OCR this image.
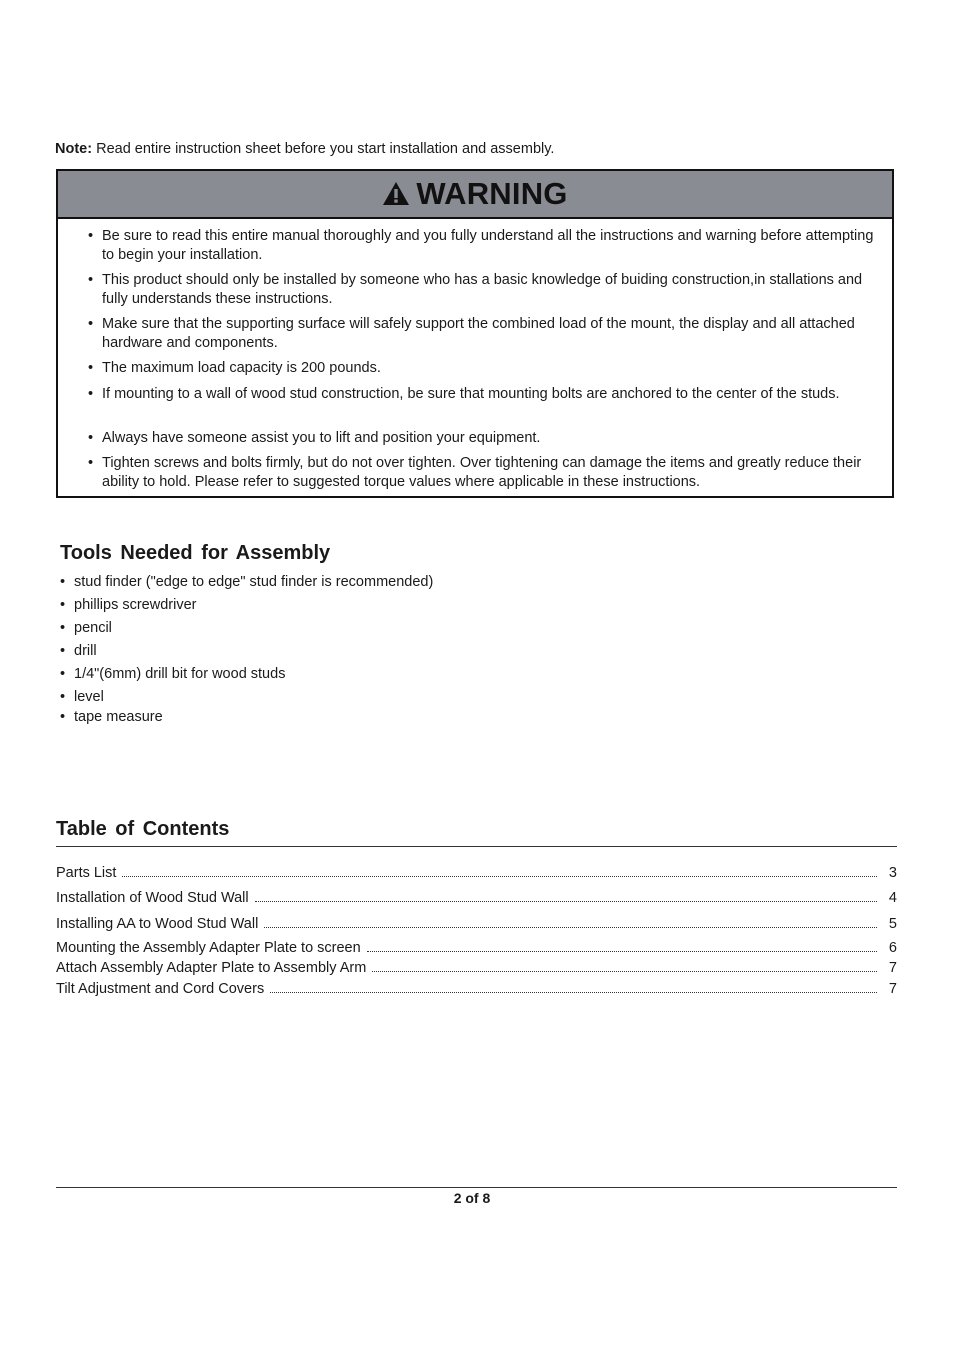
Note: Read entire instruction sheet before you start installation and assembly.
WARNING
• Be sure to read this entire manual thoroughly and you fully understand all the instructions and warning before attempting to begin your installation.
• This product should only be installed by someone who has a basic knowledge of buiding construction,in stallations and fully understands these instructions.
• Make sure that the supporting surface will safely support the combined load of the mount, the display and all attached hardware and components.
• The maximum load capacity is 200 pounds.
• If mounting to a wall of wood stud construction, be sure that mounting bolts are anchored to the center of the studs.
• Always have someone assist you to lift and position your equipment.
• Tighten screws and bolts firmly, but do not over tighten. Over tightening can damage the items and greatly reduce their ability to hold. Please refer to suggested torque values where applicable in these instructions.
Tools Needed for Assembly
• stud finder ("edge to edge" stud finder is recommended)
• phillips screwdriver
• pencil
• drill
• 1/4"(6mm) drill bit for wood studs
• level
• tape measure
Table of Contents
Parts List	3
Installation of Wood Stud Wall	4
Installing AA to Wood Stud Wall	5
Mounting the Assembly Adapter Plate to screen	6
Attach Assembly Adapter Plate to Assembly Arm	7
Tilt Adjustment and Cord Covers	7
2 of 8
